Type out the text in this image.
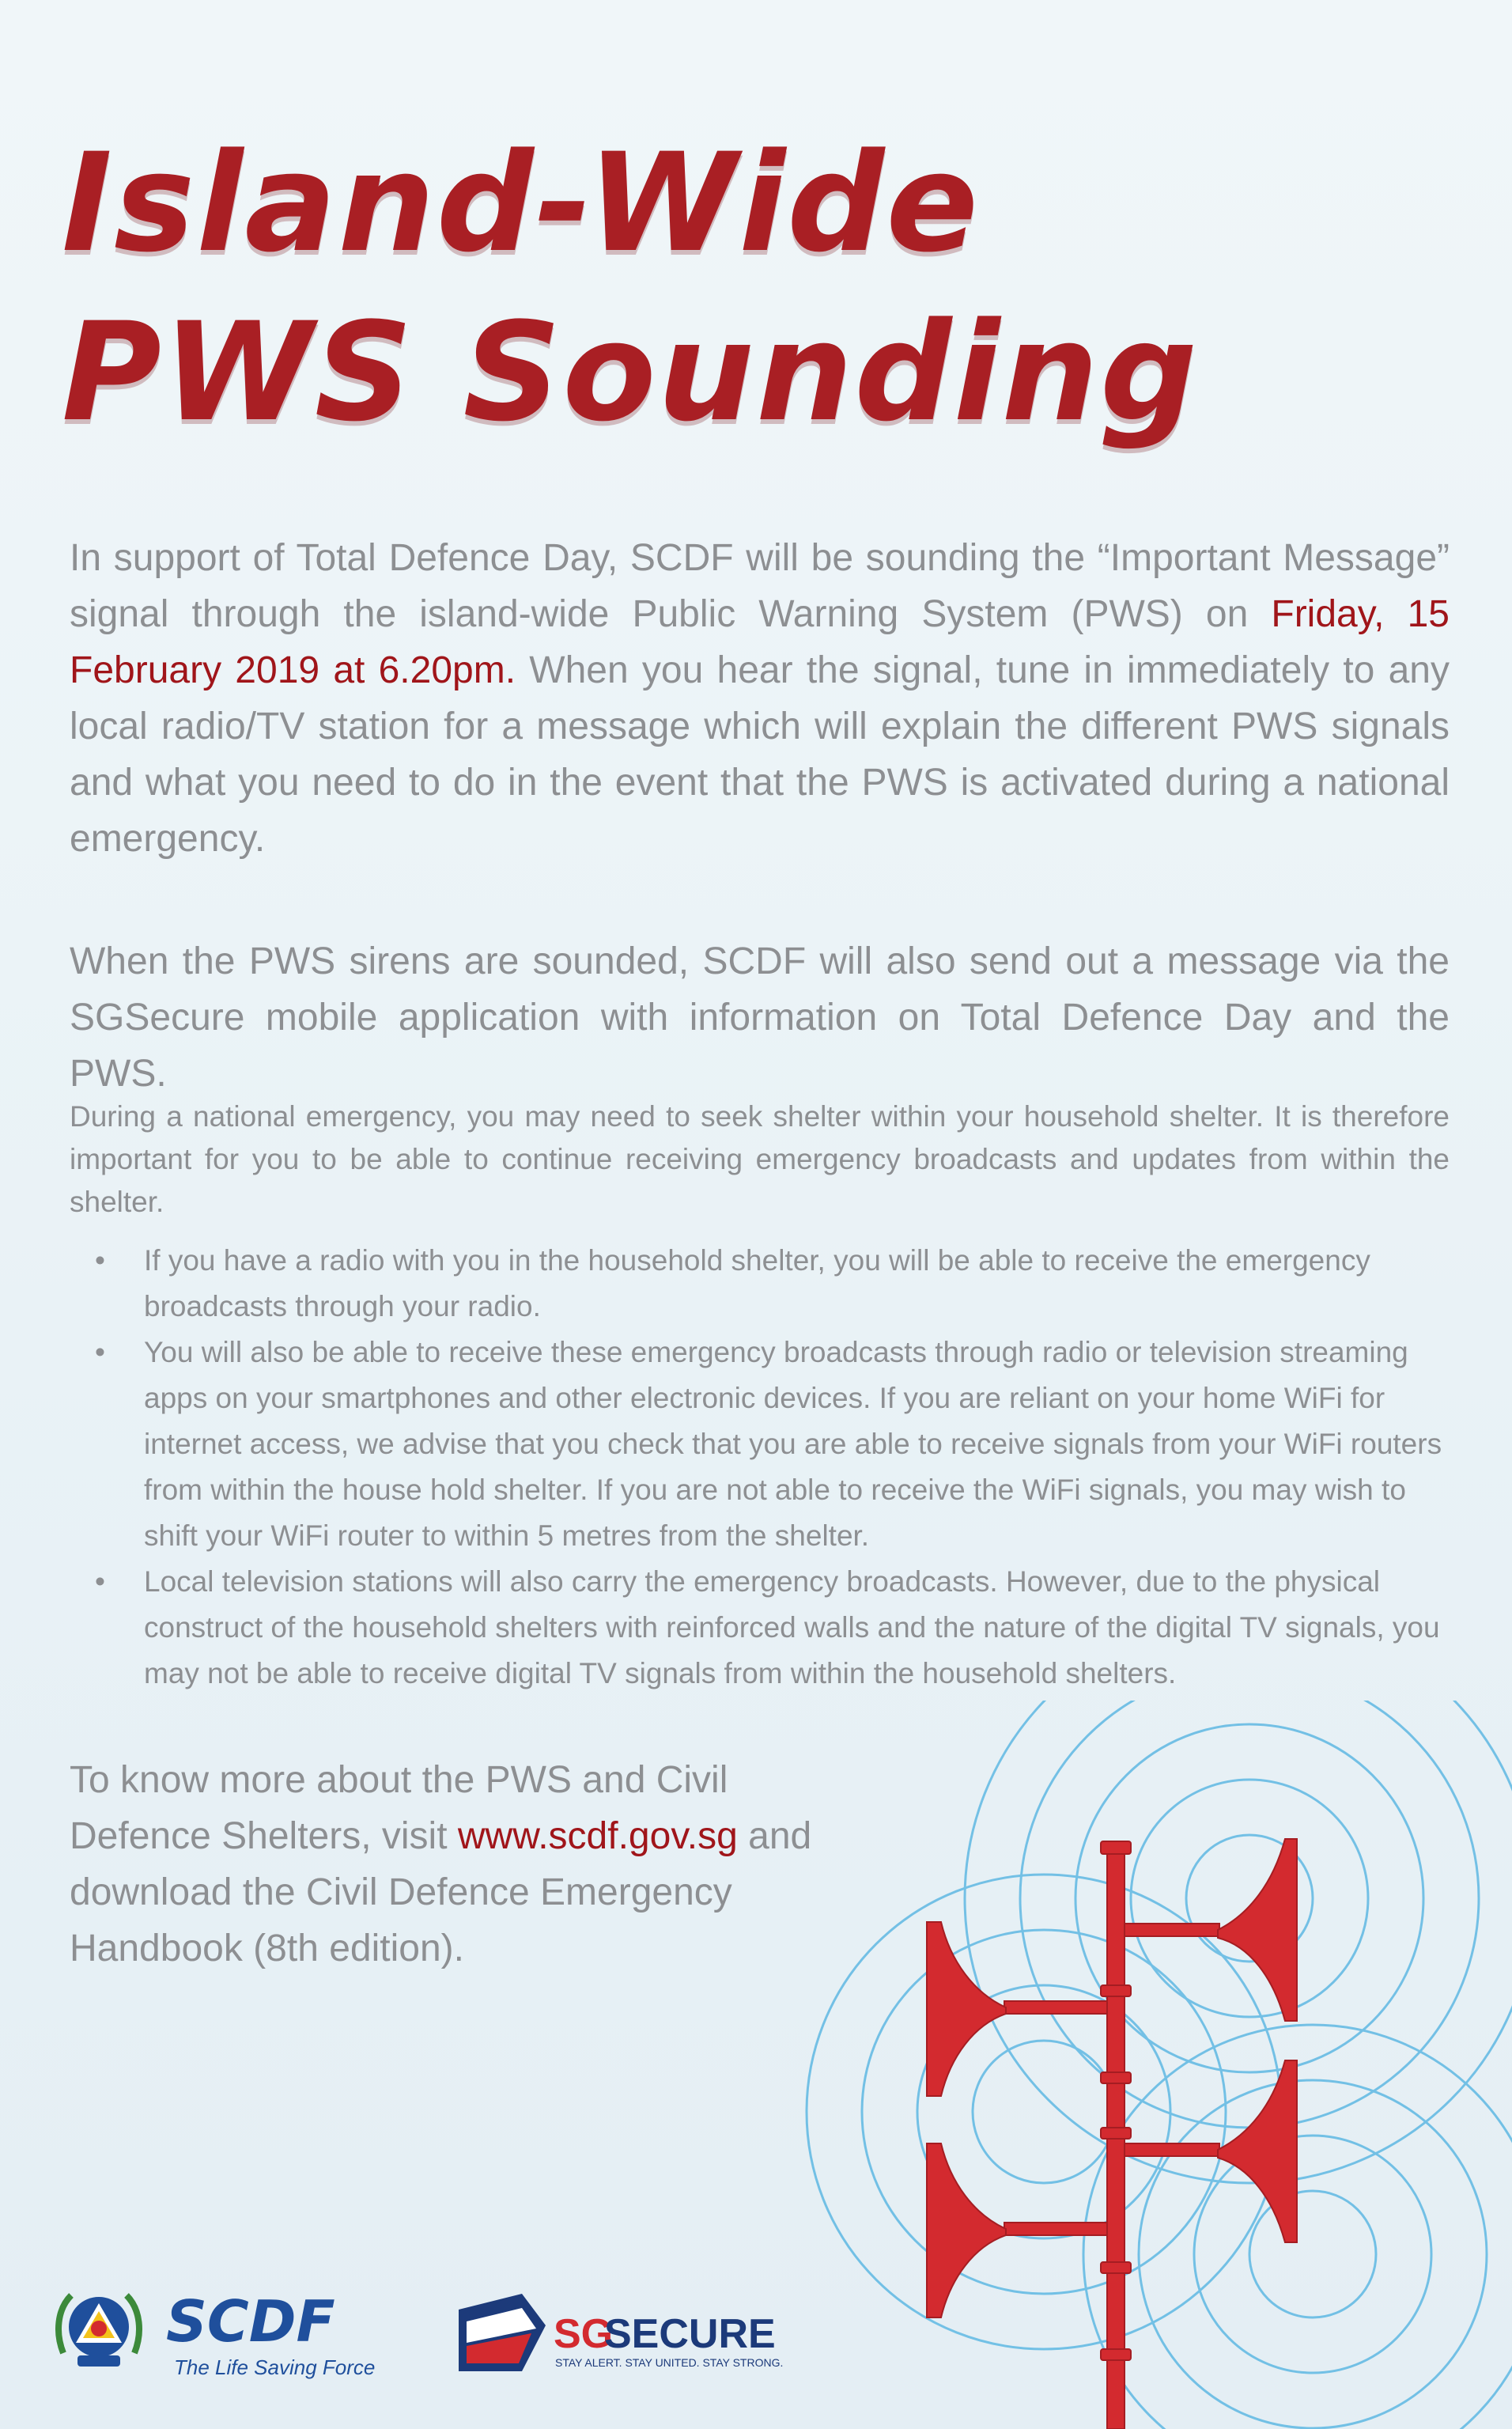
Island-Wide
PWS Sounding

In support of Total Defence Day, SCDF will be sounding the “Important Message” signal through the island-wide Public Warning System (PWS) on Friday, 15 February 2019 at 6.20pm. When you hear the signal, tune in immediately to any local radio/TV station for a message which will explain the different PWS signals and what you need to do in the event that the PWS is activated during a national emergency.

When the PWS sirens are sounded, SCDF will also send out a message via the SGSecure mobile application with information on Total Defence Day and the PWS.

During a national emergency, you may need to seek shelter within your household shelter. It is therefore important for you to be able to continue receiving emergency broadcasts and updates from within the shelter.

• If you have a radio with you in the household shelter, you will be able to receive the emergency broadcasts through your radio.
• You will also be able to receive these emergency broadcasts through radio or television streaming apps on your smartphones and other electronic devices. If you are reliant on your home WiFi for internet access, we advise that you check that you are able to receive signals from your WiFi routers from within the house hold shelter. If you are not able to receive the WiFi signals, you may wish to shift your WiFi router to within 5 metres from the shelter.
• Local television stations will also carry the emergency broadcasts. However, due to the physical construct of the household shelters with reinforced walls and the nature of the digital TV signals, you may not be able to receive digital TV signals from within the household shelters.

To know more about the PWS and Civil Defence Shelters, visit www.scdf.gov.sg and download the Civil Defence Emergency Handbook (8th edition).

SCDF
The Life Saving Force
SG
SECURE
STAY ALERT. STAY UNITED. STAY STRONG.
